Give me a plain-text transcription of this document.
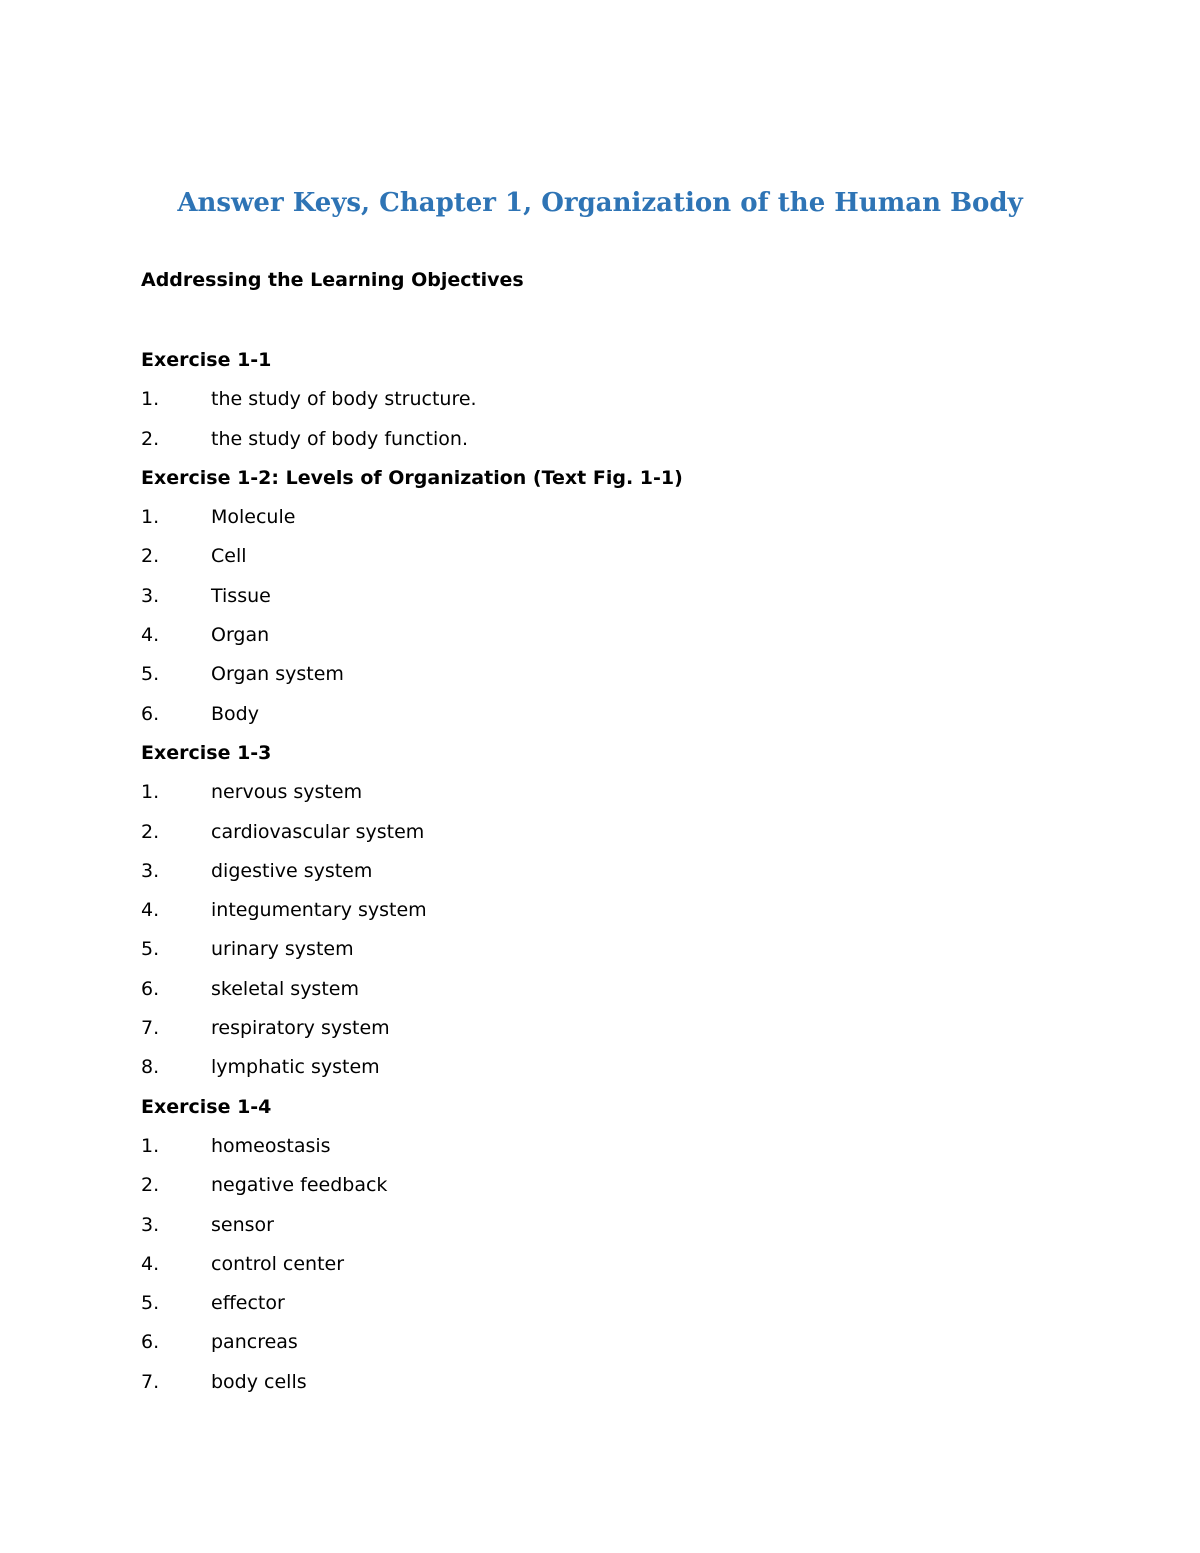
Answer Keys, Chapter 1, Organization of the Human Body

Addressing the Learning Objectives

Exercise 1-1

1.	the study of body structure.
2.	the study of body function.

Exercise 1-2: Levels of Organization (Text Fig. 1-1)

1.	Molecule
2.	Cell
3.	Tissue
4.	Organ
5.	Organ system
6.	Body

Exercise 1-3

1.	nervous system
2.	cardiovascular system
3.	digestive system
4.	integumentary system
5.	urinary system
6.	skeletal system
7.	respiratory system
8.	lymphatic system

Exercise 1-4

1.	homeostasis
2.	negative feedback
3.	sensor
4.	control center
5.	effector
6.	pancreas
7.	body cells
